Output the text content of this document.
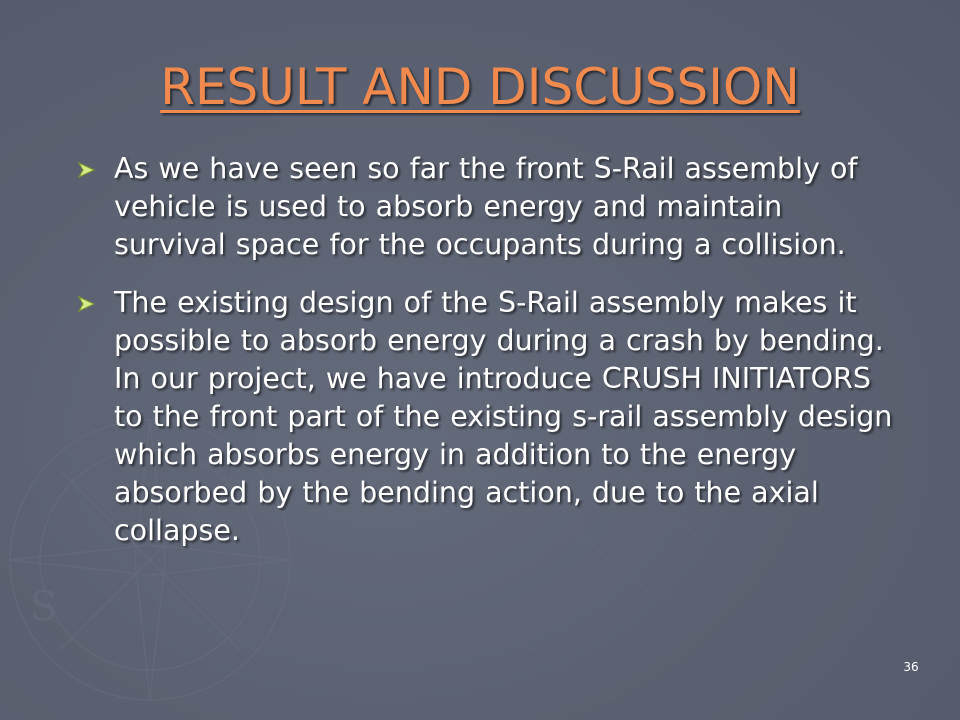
S
RESULT AND DISCUSSION
As we have seen so far the front S-Rail assembly of vehicle is used to absorb energy and maintain survival space for the occupants during a collision.
The existing design of the S-Rail assembly makes it possible to absorb energy during a crash by bending. In our project, we have introduce CRUSH INITIATORS to the front part of the existing s-rail assembly design which absorbs energy in addition to the energy absorbed by the bending action, due to the axial collapse.
36
